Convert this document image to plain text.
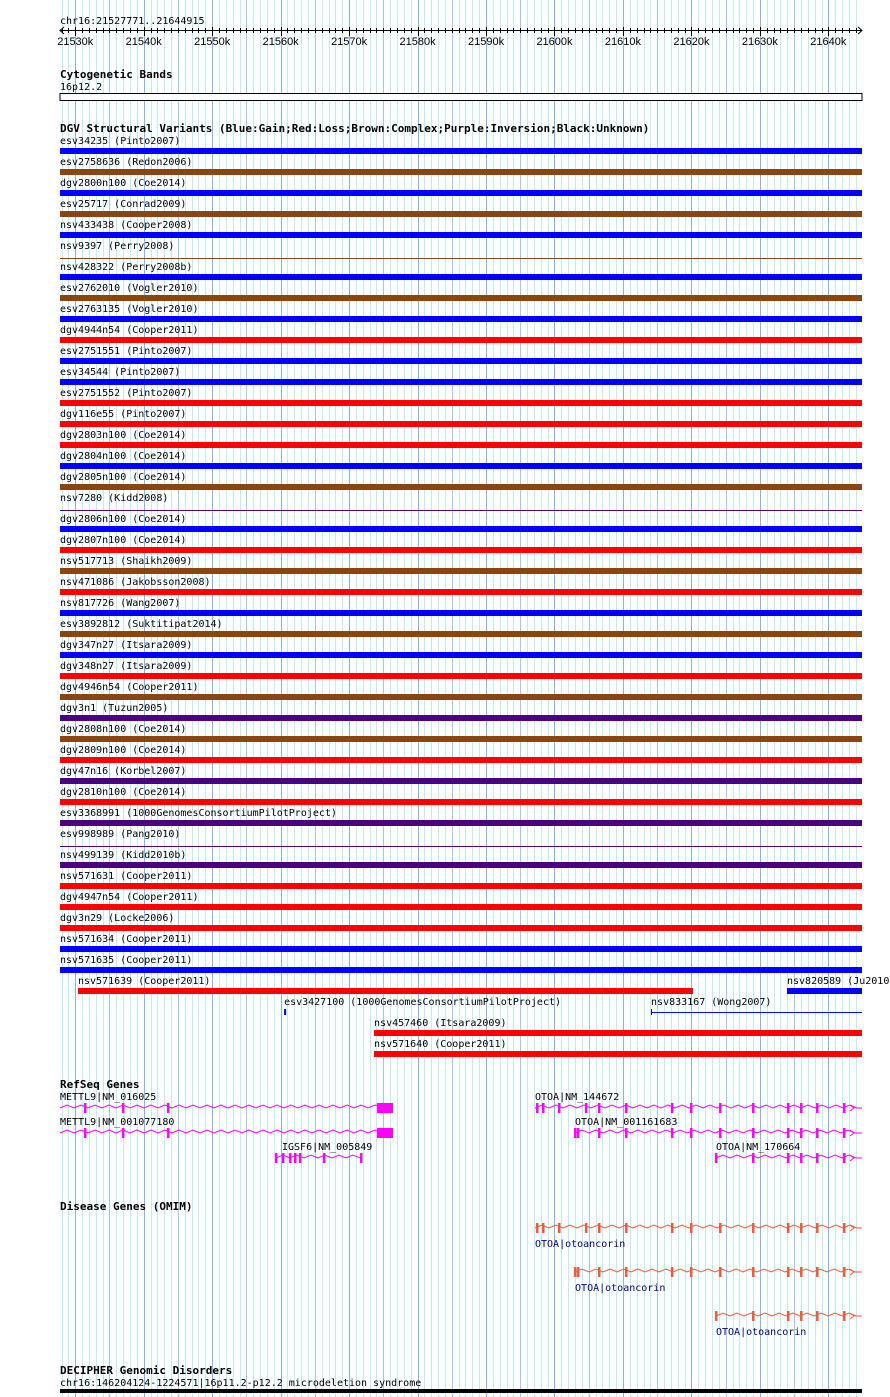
chr16:21527771..21644915
21530k	21540k	21550k	21560k	21570k	21580k	21590k	21600k	21610k	21620k	21630k	21640k
Cytogenetic Bands
16p12.2
DGV Structural Variants (Blue:Gain;Red:Loss;Brown:Complex;Purple:Inversion;Black:Unknown)
esv34235 (Pinto2007)
esv2758636 (Redon2006)
dgv2800n100 (Coe2014)
esv25717 (Conrad2009)
nsv433438 (Cooper2008)
nsv9397 (Perry2008)
nsv428322 (Perry2008b)
esv2762010 (Vogler2010)
esv2763135 (Vogler2010)
dgv4944n54 (Cooper2011)
esv2751551 (Pinto2007)
esv34544 (Pinto2007)
esv2751552 (Pinto2007)
dgv116e55 (Pinto2007)
dgv2803n100 (Coe2014)
dgv2804n100 (Coe2014)
dgv2805n100 (Coe2014)
nsv7280 (Kidd2008)
dgv2806n100 (Coe2014)
dgv2807n100 (Coe2014)
nsv517713 (Shaikh2009)
nsv471086 (Jakobsson2008)
nsv817726 (Wang2007)
esv3892812 (Suktitipat2014)
dgv347n27 (Itsara2009)
dgv348n27 (Itsara2009)
dgv4946n54 (Cooper2011)
dgv3n1 (Tuzun2005)
dgv2808n100 (Coe2014)
dgv2809n100 (Coe2014)
dgv47n16 (Korbel2007)
dgv2810n100 (Coe2014)
esv3368991 (1000GenomesConsortiumPilotProject)
esv998989 (Pang2010)
nsv499139 (Kidd2010b)
nsv571631 (Cooper2011)
dgv4947n54 (Cooper2011)
dgv3n29 (Locke2006)
nsv571634 (Cooper2011)
nsv571635 (Cooper2011)
nsv571639 (Cooper2011)	nsv820589 (Ju2010
esv3427100 (1000GenomesConsortiumPilotProject)	nsv833167 (Wong2007)
nsv457460 (Itsara2009)
nsv571640 (Cooper2011)
RefSeq Genes
METTL9|NM_016025
METTL9|NM_001077180
IGSF6|NM_005849
OTOA|NM_144672
OTOA|NM_001161683
OTOA|NM_170664
Disease Genes (OMIM)
OTOA|otoancorin
OTOA|otoancorin
OTOA|otoancorin
DECIPHER Genomic Disorders
chr16:146204124-1224571|16p11.2-p12.2 microdeletion syndrome
